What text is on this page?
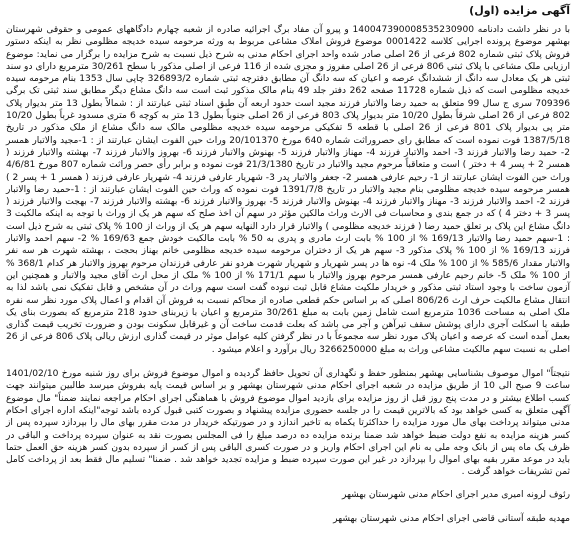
آگهی مزایده (اول)

با در نظر داشت دادنامه 140047390008535230900 و پیرو آن مفاد برگ اجرائیه صادره از شعبه چهارم دادگاههای عمومی و حقوقی شهرستان بهشهر موضوع پرونده اجرایی کلاسه 0001422 موضوع فروش املاک مشاعی مربوط به ورثه مرحومه سیده خدیجه مظلومی نظر به اینکه دستور فروش پلاک ثبتی شماره 802 فرعی از 26 اصلی صادر شده واحد اجرای احکام مدنی به شرح ذیل نسبت به شرح مزایده را برگزار می نماید: موضوع ارزیابی ملک مشاعی با پلاک ثبتی 806 فرعی از 26 اصلی مفروز و مجزی شده از 116 فرعی از اصلی مذکور با سطح 30/261 مترمربع دارای دو سند ثبتی هر یک معادل سه دانگ از ششدانگ عرصه و اعیان که سه دانگ آن مطابق دفترچه ثبتی شماره 326893/2 چاپی سال 1353 بنام مرحومه سیده خدیجه مظلومی است که ذیل شماره 11728 صفحه 262 دفتر جلد 49 بنام مالک مذکور ثبت است سه دانگ مشاع دیگر مطابق سند ثبتی تک برگی 709396 سری ج سال 99 متعلق به حمید رضا والاتبار فرزند مجید است حدود اربعه آن طبق اسناد ثبتی عبارتند از : شمالاً بطول 13 متر بدیوار پلاک 802 فرعی از 26 اصلی شرقاً بطول 10/20 متر بدیوار پلاک 803 فرعی از 26 اصلی جنوباً بطول 13 متر به کوچه 6 متری مسدود غرباً بطول 10/20 متر پی بدیوار پلاک 801 فرعی از 26 اصلی با قطعه 5 تفکیکی مرحومه سیده خدیجه مظلومی مالک سه دانگ مشاع از ملک مذکور در تاریخ 1387/5/18 فوت نموده است که مطابق رای حصروراثت شماره 640 مورخ 20/101370 وراث حین الفوت ایشان عبارتند از : 1-مجید والاتبار همسر 2- حمید رضا والاتبار فرزند 3- احمد والاتبار فرزند 4- مهناز والاتبار فرزند 5- بهنوش والاتبار فرزند 6- بهروز والاتبار فرزند 7- بهشته والاتبار فرزند ( همسر 2 + پسر 4 + دختر ) است و متعاقباً مرحوم مجید والاتبار در تاریخ 21/3/1380 فوت نموده و برابر رأی حصر وراثت شماره 807 مورخ 4/6/81 وراث حین الفوت ایشان عبارتند از 1- رحیم عارفی همسر 2- جعفر والاتبار پدر 3- شهریار عارفی فرزند 4- شهریار عارفی فرزند ( همسر 1 + پسر 2 ) همسر مرحومه سیده خدیجه مظلومی بنام مجید والاتبار در تاریخ 1391/7/8 فوت نموده که وراث حین الفوت ایشان عبارتند از : 1-حمید رضا والاتبار فرزند 2- احمد والاتبار فرزند 3- مهناز والاتبار فرزند 4- بهنوش والاتبار فرزند 5- بهروز والاتبار فرزند 6- بهشته والاتبار فرزند 7- بهجت والاتبار فرزند ( پسر 3 + دختر 4 ) که در جمع بندی و محاسبات فی الارث وراث مالکین مؤثر در سهم آن اخذ صلح که سهم هر یک از وراث با توجه به اینکه مالکیت 3 دانگ مشاع این پلاک بر تعلق حمید رضا ( فرزند خدیجه مظلومی ) والاتبار قرار دارد النهایه سهم هر یک از وراث از 100 % پلاک ثبتی به شرح ذیل است : 1-سهم حمید رضا والاتبار 169/13 % از 100 % بابت ارث مادری و پدری به 50 % بابت مالکیت خودش جمع 169/63 % 2- سهم احمد والاتبار فرزند 169/13 % از 100 % پلاک مذکور 3- سهم هر یک از دختران مرحومه سیده خدیجه مظلومی خانم بهناز بحجت ، بهشته شهرت هر سه نفر والاتبار مقدار 585/6 % از 100 % ملک 4- نوه ها در پسر شهریار و شهریار شهرت هردو نفر عارفی فرزندان مرحوم بهروز والاتبار هر کدام 368/1 % از 100 % ملک 5- خانم رحیم عارفی همسر مرحوم بهروز والاتبار با سهم 171/1 % از 100 % ملک از محل ارث آقای مجید والاتبار و همچنین این آزمون ساخت با وجود استاد ثبتی مذکور و خریدار ملکیت مشاع قابل ثبت نبوده گفت است سهم وراث در آن مشخص و قابل تفکیک نمی باشد لذا به انتقال مشاع مالکیت حرف ارث 806/26 اصلی که بر اساس حکم قطعی صادره از محاکم نسبت به فروش آن اقدام و اعمال پلاک مورد نظر سه نفره ملک اصلی به مساحت 1036 مترمربع است شامل زمین بابت به مبلغ 30/261 مترمربع و اعیان با زیربنای حدود 218 مترمربع که بصورت بنای یک طبقه با اسکلت آجری دارای پوشش سقف تیرآهن و آجر می باشد که بعلت قدمت ساخت آن و غیرقابل سکونت بودن و ضرورت تخریب قیمت گذاری بعمل آمده است که عرصه و اعیان پلاک مورد نظر سه مجموعاً با در نظر گرفتن کلیه عوامل موثر در قیمت گذاری ارزش ریالی پلاک 806 فرعی از 26 اصلی به نسبت سهم مالکیت مشاعی وراث به مبلغ 3266250000 ریال برآورد و اعلام میشود .

نتیجتاً" اموال موصوف بشناسایی بهشهر بمنظور حفظ و نگهداری آن تحویل حافظ گردیده و اموال موضوع فروش برای روز شنبه مورخ 1401/02/10 ساعت 9 صبح الی 10 از طریق مزایده در شعبه اجرای احکام مدنی شهرستان بهشهر و بر اساس قیمت پایه بفروش میرسد طالبین میتوانند جهت کسب اطلاع بیشتر و در مدت پنج روز قبل از روز مزایده برای بازدید اموال موضوع فروش با هماهنگی اجرای احکام مراجعه نمایند ضمناً" مال موضوع آگهی متعلق به کسی خواهد بود که بالاترین قیمت را در جلسه حضوری مزایده پیشنهاد و بصورت کتبی قبول کرده باشد توجه"اینکه اداره اجرای احکام مدنی میتواند پرداخت بهای مال مورد مزایده را حداکثرتا یکماه به تاخیر اندازد و در صورتیکه خریدار در مدت مقرر بهای مال را بپردازد سپرده پس از کسر هزینه مزایده به نفع دولت ضبط خواهد شد ضمنا برنده مزایده ده درصد مبلغ را فی المجلس بصورت نقد به عنوان سپرده پرداخت و الباقی در ظرف یک ماه پس از بانک وجه ملی به نام این اجرای احکام واریز و در صورت کسری الباقی پس از کسر از سپرده بدون کسر هزینه حق العمل حتما باید در موعد مقرر بقیه بهای اموال را بپردازد در غیر این صورت سپرده ضبط و مزایده تجدید خواهد شد . ضمنا" تسلیم مال فقط بعد از پرداخت کامل ثمن تشریفات خواهد گرفت .

رئوف لرونه امیری مدیر اجرای احکام مدنی شهرستان بهشهر

مهدیه طبقه آستانی قاضی اجرای احکام مدنی شهرستان بهشهر
